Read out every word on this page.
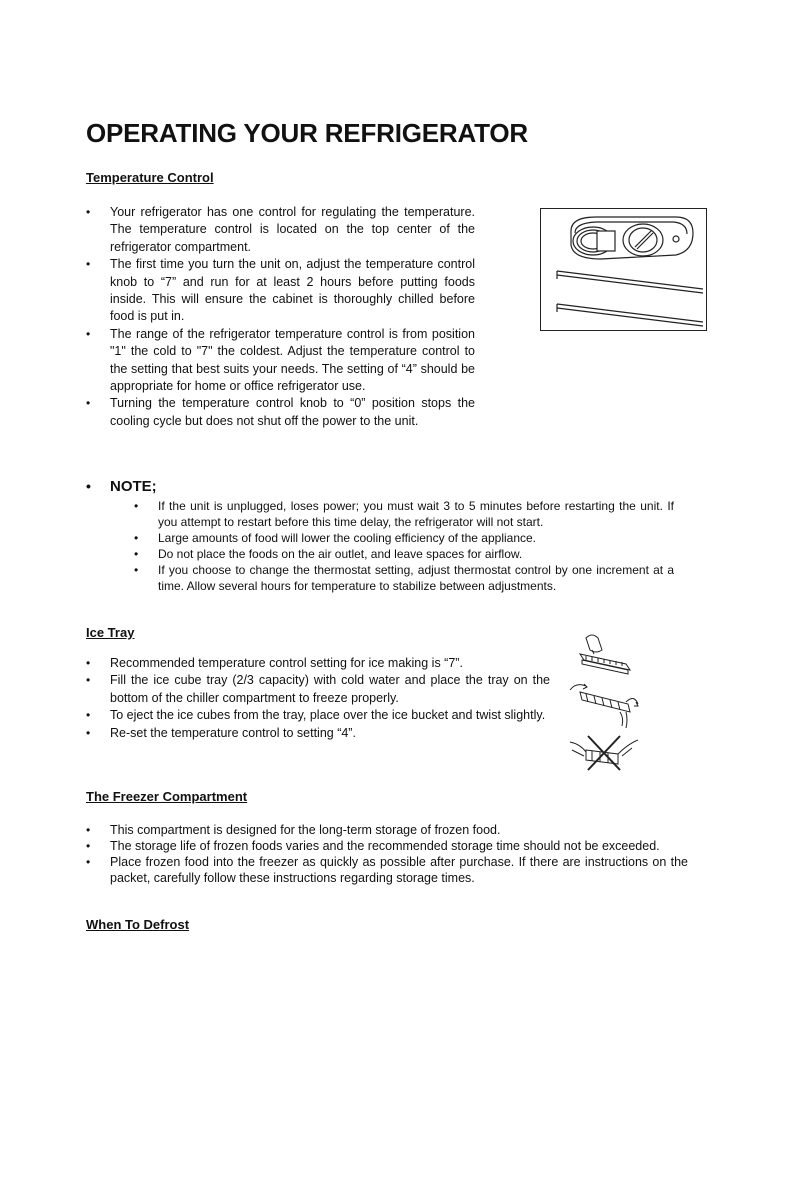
OPERATING YOUR REFRIGERATOR
Temperature Control
• Your refrigerator has one control for regulating the temperature. The temperature control is located on the top center of the refrigerator compartment.
• The first time you turn the unit on, adjust the temperature control knob to “7” and run for at least 2 hours before putting foods inside. This will ensure the cabinet is thoroughly chilled before food is put in.
• The range of the refrigerator temperature control is from position "1" the cold to "7" the coldest. Adjust the temperature control to the setting that best suits your needs. The setting of “4” should be appropriate for home or office refrigerator use.
• Turning the temperature control knob to “0” position stops the cooling cycle but does not shut off the power to the unit.
• NOTE;
• If the unit is unplugged, loses power; you must wait 3 to 5 minutes before restarting the unit. If you attempt to restart before this time delay, the refrigerator will not start.
• Large amounts of food will lower the cooling efficiency of the appliance.
• Do not place the foods on the air outlet, and leave spaces for airflow.
• If you choose to change the thermostat setting, adjust thermostat control by one increment at a time. Allow several hours for temperature to stabilize between adjustments.
Ice Tray
• Recommended temperature control setting for ice making is “7”.
• Fill the ice cube tray (2/3 capacity) with cold water and place the tray on the bottom of the chiller compartment to freeze properly.
• To eject the ice cubes from the tray, place over the ice bucket and twist slightly.
• Re-set the temperature control to setting “4”.
The Freezer Compartment
• This compartment is designed for the long-term storage of frozen food.
• The storage life of frozen foods varies and the recommended storage time should not be exceeded.
• Place frozen food into the freezer as quickly as possible after purchase. If there are instructions on the packet, carefully follow these instructions regarding storage times.
When To Defrost
